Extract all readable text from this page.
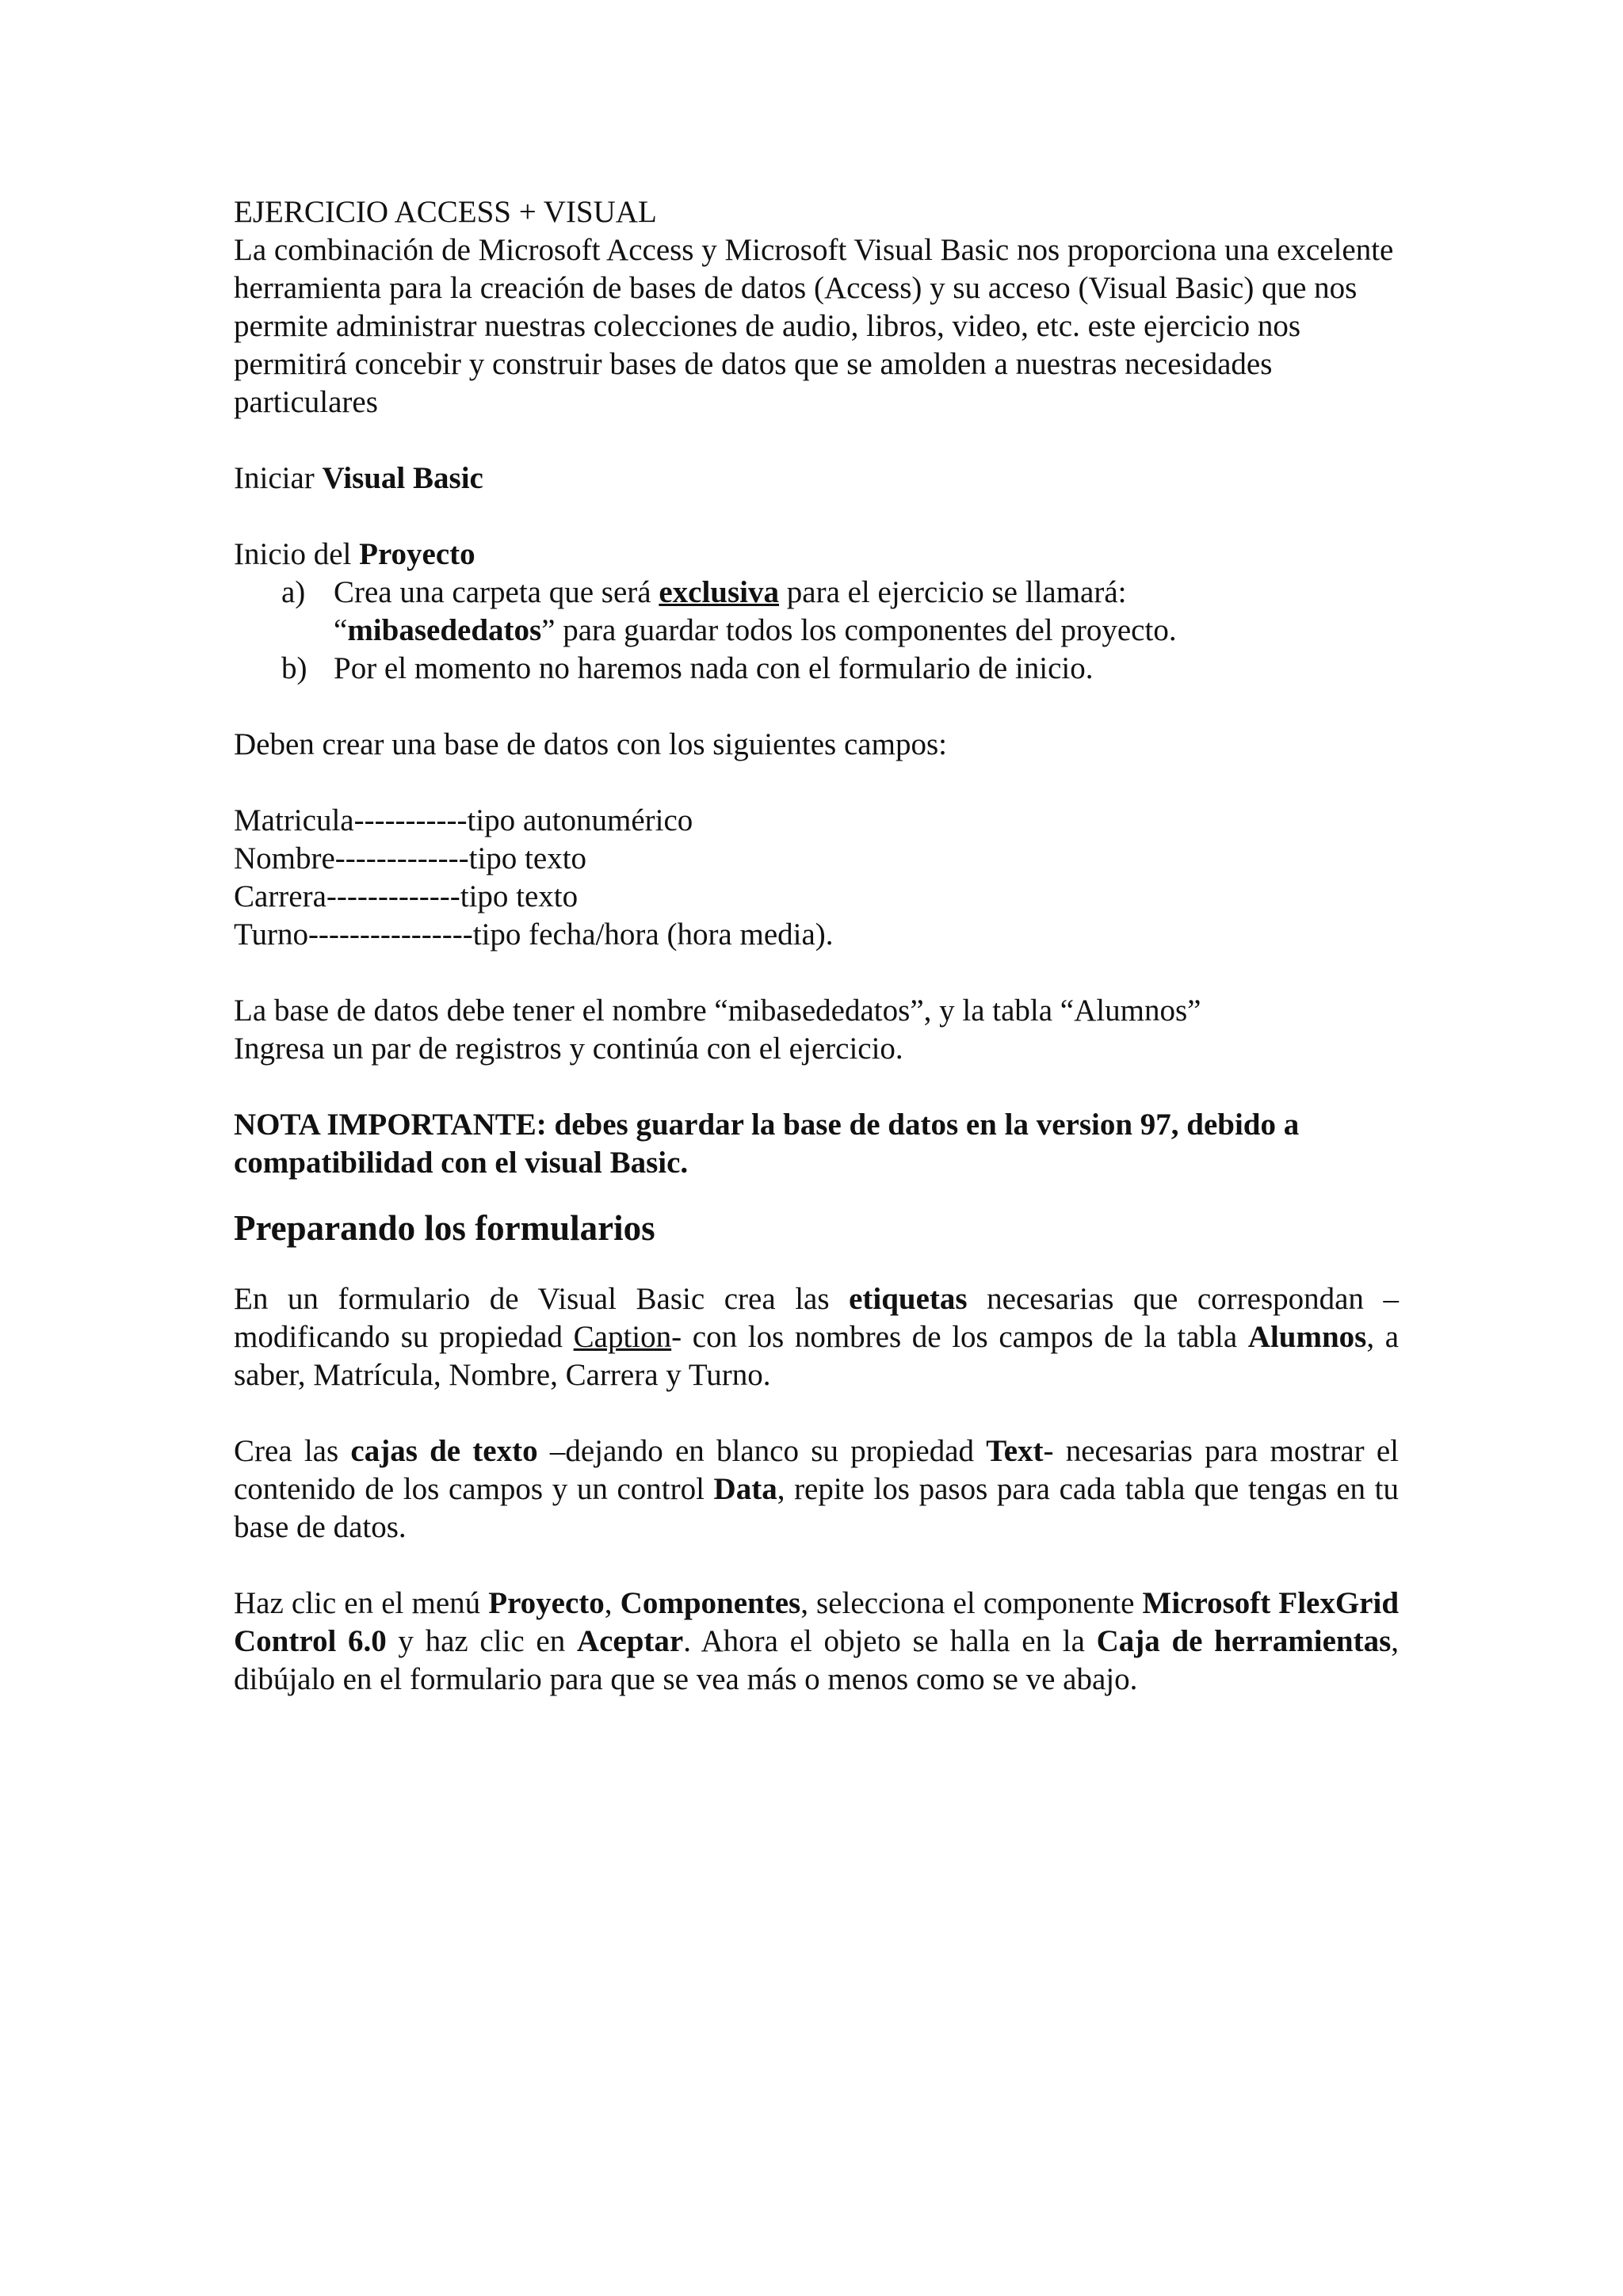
EJERCICIO ACCESS + VISUAL

La combinación de Microsoft Access y Microsoft Visual Basic nos proporciona una excelente herramienta para la creación de bases de datos (Access) y su acceso (Visual Basic) que nos permite administrar nuestras colecciones de audio, libros, video, etc. este ejercicio nos permitirá concebir y construir bases de datos que se amolden a nuestras necesidades particulares

Iniciar Visual Basic

Inicio del Proyecto

a) Crea una carpeta que será exclusiva para el ejercicio se llamará:
“mibasededatos” para guardar todos los componentes del proyecto.
b) Por el momento no haremos nada con el formulario de inicio.

Deben crear una base de datos con los siguientes campos:

Matricula-----------tipo autonumérico

Nombre-------------tipo texto

Carrera-------------tipo texto

Turno----------------tipo fecha/hora (hora media).

La base de datos debe tener el nombre “mibasededatos”, y la tabla “Alumnos”

Ingresa un par de registros y continúa con el ejercicio.

NOTA IMPORTANTE: debes guardar la base de datos en la version 97, debido a compatibilidad con el visual Basic.

Preparando los formularios

En un formulario de Visual Basic crea las etiquetas necesarias que correspondan – modificando su propiedad Caption- con los nombres de los campos de la tabla Alumnos, a saber, Matrícula, Nombre, Carrera y Turno.

Crea las cajas de texto –dejando en blanco su propiedad Text- necesarias para mostrar el contenido de los campos y un control Data, repite los pasos para cada tabla que tengas en tu base de datos.

Haz clic en el menú Proyecto, Componentes, selecciona el componente Microsoft FlexGrid Control 6.0 y haz clic en Aceptar. Ahora el objeto se halla en la Caja de herramientas, dibújalo en el formulario para que se vea más o menos como se ve abajo.
